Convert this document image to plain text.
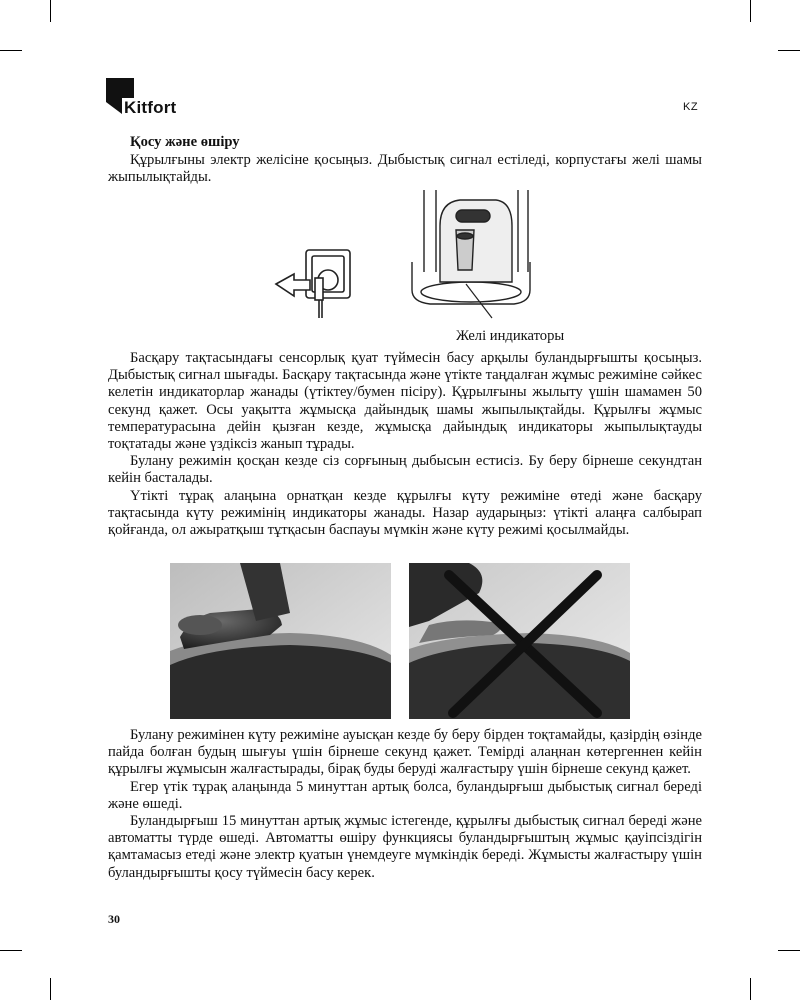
Kitfort	KZ
Қосу және өшіру

Құрылғыны электр желісіне қосыңыз. Дыбыстық сигнал естіледі, корпустағы желі шамы жыпылықтайды.

Желі индикаторы

Басқару тақтасындағы сенсорлық қуат түймесін басу арқылы буландырғышты қосыңыз. Дыбыстық сигнал шығады. Басқару тақтасында және үтікте таңдалған жұмыс режиміне сәйкес келетін индикаторлар жанады (үтіктеу/бумен пісіру). Құрылғыны жылыту үшін шамамен 50 секунд қажет. Осы уақытта жұмысқа дайындық шамы жыпылықтайды. Құрылғы жұмыс температурасына дейін қызған кезде, жұмысқа дайындық индикаторы жыпылықтауды тоқтатады және үздіксіз жанып тұрады.

Булану режимін қосқан кезде сіз сорғының дыбысын естисіз. Бу беру бірнеше секундтан кейін басталады.

Үтікті тұрақ алаңына орнатқан кезде құрылғы күту режиміне өтеді және басқару тақтасында күту режимінің индикаторы жанады. Назар аударыңыз: үтікті алаңға салбырап қойғанда, ол ажыратқыш тұтқасын баспауы мүмкін және күту режимі қосылмайды.

Булану режимінен күту режиміне ауысқан кезде бу беру бірден тоқтамайды, қазірдің өзінде пайда болған будың шығуы үшін бірнеше секунд қажет. Темірді алаңнан көтергеннен кейін құрылғы жұмысын жалғастырады, бірақ буды беруді жалғастыру үшін бірнеше секунд қажет.

Егер үтік тұрақ алаңында 5 минуттан артық болса, буландырғыш дыбыстық сигнал береді және өшеді.

Буландырғыш 15 минуттан артық жұмыс істегенде, құрылғы дыбыстық сигнал береді және автоматты түрде өшеді. Автоматты өшіру функциясы буландырғыштың жұмыс қауіпсіздігін қамтамасыз етеді және электр қуатын үнемдеуге мүмкіндік береді. Жұмысты жалғастыру үшін буландырғышты қосу түймесін басу керек.

30
